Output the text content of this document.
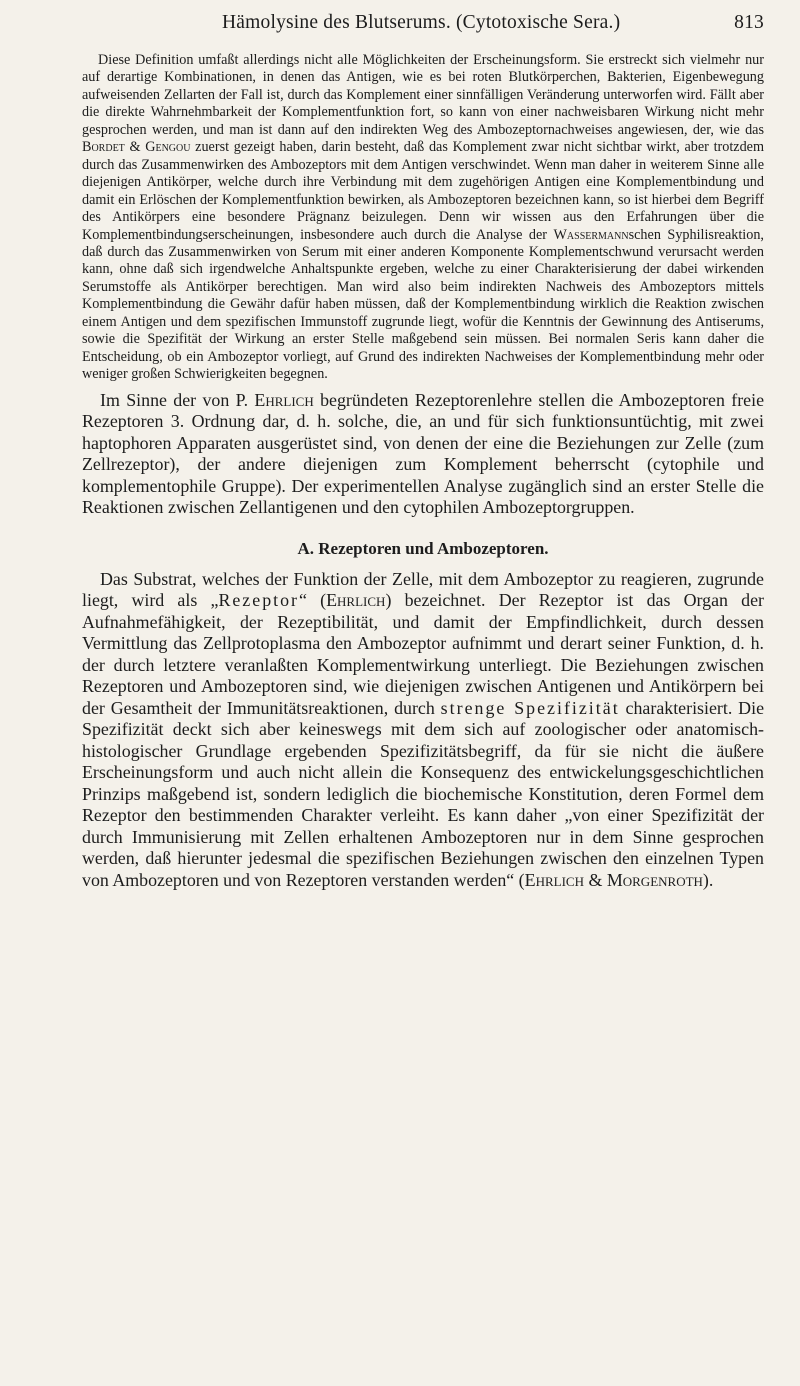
Hämolysine des Blutserums. (Cytotoxische Sera.)	813

Diese Definition umfaßt allerdings nicht alle Möglichkeiten der Erscheinungsform. Sie erstreckt sich vielmehr nur auf derartige Kombinationen, in denen das Antigen, wie es bei roten Blutkörperchen, Bakterien, Eigenbewegung aufweisenden Zellarten der Fall ist, durch das Komplement einer sinnfälligen Veränderung unterworfen wird. Fällt aber die direkte Wahrnehmbarkeit der Komplementfunktion fort, so kann von einer nachweisbaren Wirkung nicht mehr gesprochen werden, und man ist dann auf den indirekten Weg des Ambozeptornachweises angewiesen, der, wie das Bordet & Gengou zuerst gezeigt haben, darin besteht, daß das Komplement zwar nicht sichtbar wirkt, aber trotzdem durch das Zusammenwirken des Ambozeptors mit dem Antigen verschwindet. Wenn man daher in weiterem Sinne alle diejenigen Antikörper, welche durch ihre Verbindung mit dem zugehörigen Antigen eine Komplementbindung und damit ein Erlöschen der Komplementfunktion bewirken, als Ambozeptoren bezeichnen kann, so ist hierbei dem Begriff des Antikörpers eine besondere Prägnanz beizulegen. Denn wir wissen aus den Erfahrungen über die Komplementbindungserscheinungen, insbesondere auch durch die Analyse der Wassermannschen Syphilisreaktion, daß durch das Zusammenwirken von Serum mit einer anderen Komponente Komplementschwund verursacht werden kann, ohne daß sich irgendwelche Anhaltspunkte ergeben, welche zu einer Charakterisierung der dabei wirkenden Serumstoffe als Antikörper berechtigen. Man wird also beim indirekten Nachweis des Ambozeptors mittels Komplementbindung die Gewähr dafür haben müssen, daß der Komplementbindung wirklich die Reaktion zwischen einem Antigen und dem spezifischen Immunstoff zugrunde liegt, wofür die Kenntnis der Gewinnung des Antiserums, sowie die Spezifität der Wirkung an erster Stelle maßgebend sein müssen. Bei normalen Seris kann daher die Entscheidung, ob ein Ambozeptor vorliegt, auf Grund des indirekten Nachweises der Komplementbindung mehr oder weniger großen Schwierigkeiten begegnen.

Im Sinne der von P. Ehrlich begründeten Rezeptorenlehre stellen die Ambozeptoren freie Rezeptoren 3. Ordnung dar, d. h. solche, die, an und für sich funktionsuntüchtig, mit zwei haptophoren Apparaten ausgerüstet sind, von denen der eine die Beziehungen zur Zelle (zum Zellrezeptor), der andere diejenigen zum Komplement beherrscht (cytophile und komplementophile Gruppe). Der experimentellen Analyse zugänglich sind an erster Stelle die Reaktionen zwischen Zellantigenen und den cytophilen Ambozeptorgruppen.

A. Rezeptoren und Ambozeptoren.

Das Substrat, welches der Funktion der Zelle, mit dem Ambozeptor zu reagieren, zugrunde liegt, wird als „Rezeptor“ (Ehrlich) bezeichnet. Der Rezeptor ist das Organ der Aufnahmefähigkeit, der Rezeptibilität, und damit der Empfindlichkeit, durch dessen Vermittlung das Zellprotoplasma den Ambozeptor aufnimmt und derart seiner Funktion, d. h. der durch letztere veranlaßten Komplementwirkung unterliegt. Die Beziehungen zwischen Rezeptoren und Ambozeptoren sind, wie diejenigen zwischen Antigenen und Antikörpern bei der Gesamtheit der Immunitätsreaktionen, durch strenge Spezifizität charakterisiert. Die Spezifizität deckt sich aber keineswegs mit dem sich auf zoologischer oder anatomisch-histologischer Grundlage ergebenden Spezifizitätsbegriff, da für sie nicht die äußere Erscheinungsform und auch nicht allein die Konsequenz des entwickelungsgeschichtlichen Prinzips maßgebend ist, sondern lediglich die biochemische Konstitution, deren Formel dem Rezeptor den bestimmenden Charakter verleiht. Es kann daher „von einer Spezifizität der durch Immunisierung mit Zellen erhaltenen Ambozeptoren nur in dem Sinne gesprochen werden, daß hierunter jedesmal die spezifischen Beziehungen zwischen den einzelnen Typen von Ambozeptoren und von Rezeptoren verstanden werden“ (Ehrlich & Morgenroth).
